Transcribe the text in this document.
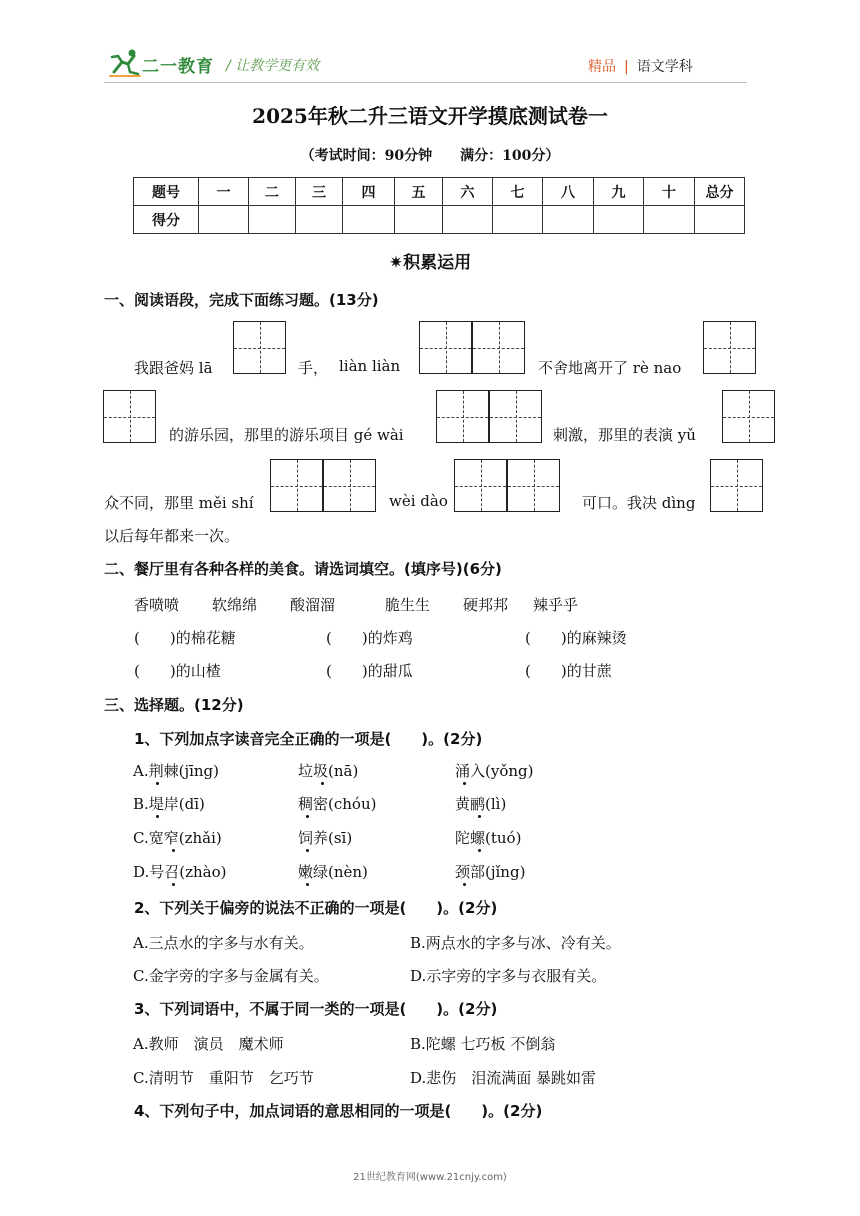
二一教育 / 让教学更有效	精品 | 语文学科
2025年秋二升三语文开学摸底测试卷一
（考试时间：90分钟　　满分：100分）
题号	一	二	三	四	五	六	七	八	九	十	总分
得分											
✷积累运用
一、阅读语段，完成下面练习题。(13分)
我跟爸妈 lā	手， liàn liàn	不舍地离开了 rè nao
的游乐园，那里的游乐项目 gé wài	刺激，那里的表演 yǔ
众不同，那里 měi shí	wèi dào	可口。我决 dìng
以后每年都来一次。
二、餐厅里有各种各样的美食。请选词填空。(填序号)(6分)
香喷喷 软绵绵 酸溜溜	脆生生 硬邦邦 辣乎乎
(　　)的棉花糖	(　　)的炸鸡	(　　)的麻辣烫
(　　)的山楂	(　　)的甜瓜	(　　)的甘蔗
三、选择题。(12分)
1、下列加点字读音完全正确的一项是(　　)。(2分)
A.荆棘(jīng)	垃圾(nā)	涌入(yǒng)
B.堤岸(dī)	稠密(chóu)	黄鹂(lì)
C.宽窄(zhǎi)	饲养(sī)	陀螺(tuó)
D.号召(zhào)	嫩绿(nèn)	颈部(jǐng)
2、下列关于偏旁的说法不正确的一项是(　　)。(2分)
A.三点水的字多与水有关。	B.两点水的字多与冰、冷有关。
C.金字旁的字多与金属有关。	D.示字旁的字多与衣服有关。
3、下列词语中，不属于同一类的一项是(　　)。(2分)
A.教师　演员　魔术师	B.陀螺 七巧板 不倒翁
C.清明节　重阳节　乞巧节	D.悲伤　泪流满面 暴跳如雷
4、下列句子中，加点词语的意思相同的一项是(　　)。(2分)
21世纪教育网(www.21cnjy.com)
